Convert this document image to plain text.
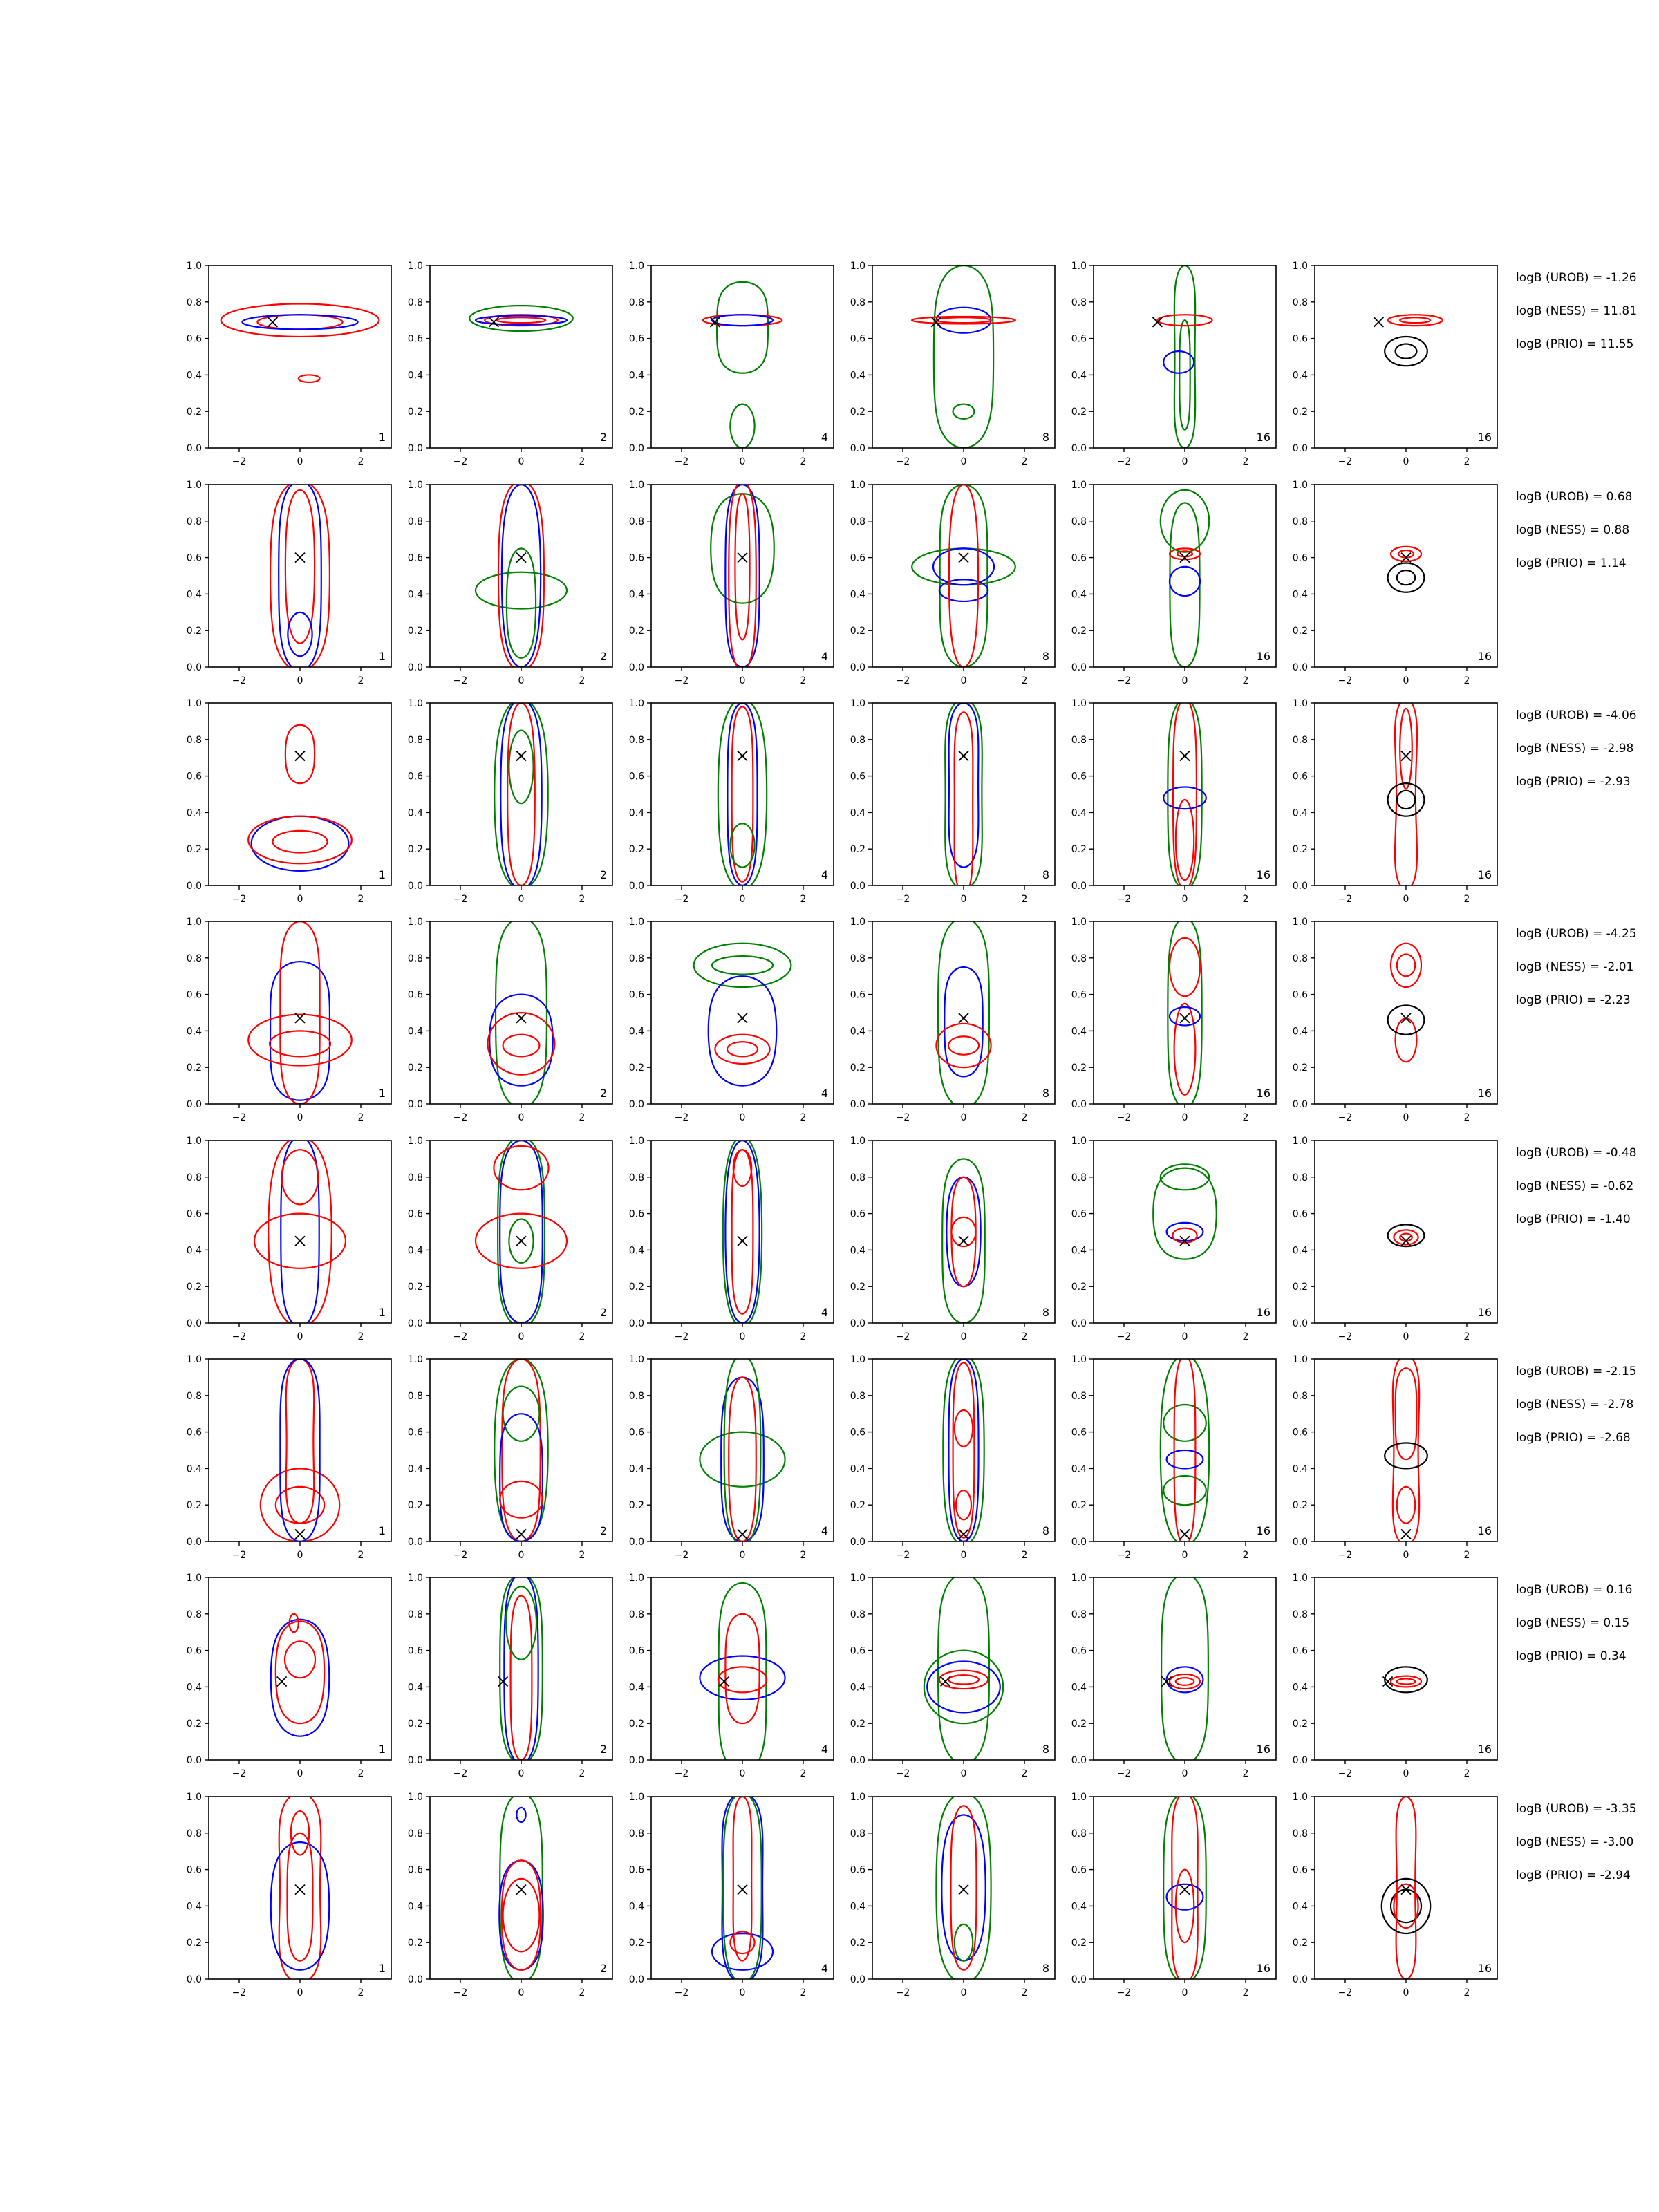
0.0
0.2
0.4
0.6
0.8
1.0
−2	0	2
1
0.0
0.2
0.4
0.6
0.8
1.0
−2	0	2
2
0.0
0.2
0.4
0.6
0.8
1.0
−2	0	2
4
0.0
0.2
0.4
0.6
0.8
1.0
−2	0	2
8
0.0
0.2
0.4
0.6
0.8
1.0
−2	0	2
16
0.0
0.2
0.4
0.6
0.8
1.0
−2	0	2
16
logB (UROB) = -1.26
logB (NESS) = 11.81
logB (PRIO) = 11.55
0.0
0.2
0.4
0.6
0.8
1.0
−2	0	2
1
0.0
0.2
0.4
0.6
0.8
1.0
−2	0	2
2
0.0
0.2
0.4
0.6
0.8
1.0
−2	0	2
4
0.0
0.2
0.4
0.6
0.8
1.0
−2	0	2
8
0.0
0.2
0.4
0.6
0.8
1.0
−2	0	2
16
0.0
0.2
0.4
0.6
0.8
1.0
−2	0	2
16
logB (UROB) = 0.68
logB (NESS) = 0.88
logB (PRIO) = 1.14
0.0
0.2
0.4
0.6
0.8
1.0
−2	0	2
1
0.0
0.2
0.4
0.6
0.8
1.0
−2	0	2
2
0.0
0.2
0.4
0.6
0.8
1.0
−2	0	2
4
0.0
0.2
0.4
0.6
0.8
1.0
−2	0	2
8
0.0
0.2
0.4
0.6
0.8
1.0
−2	0	2
16
0.0
0.2
0.4
0.6
0.8
1.0
−2	0	2
16
logB (UROB) = -4.06
logB (NESS) = -2.98
logB (PRIO) = -2.93
0.0
0.2
0.4
0.6
0.8
1.0
−2	0	2
1
0.0
0.2
0.4
0.6
0.8
1.0
−2	0	2
2
0.0
0.2
0.4
0.6
0.8
1.0
−2	0	2
4
0.0
0.2
0.4
0.6
0.8
1.0
−2	0	2
8
0.0
0.2
0.4
0.6
0.8
1.0
−2	0	2
16
0.0
0.2
0.4
0.6
0.8
1.0
−2	0	2
16
logB (UROB) = -4.25
logB (NESS) = -2.01
logB (PRIO) = -2.23
0.0
0.2
0.4
0.6
0.8
1.0
−2	0	2
1
0.0
0.2
0.4
0.6
0.8
1.0
−2	0	2
2
0.0
0.2
0.4
0.6
0.8
1.0
−2	0	2
4
0.0
0.2
0.4
0.6
0.8
1.0
−2	0	2
8
0.0
0.2
0.4
0.6
0.8
1.0
−2	0	2
16
0.0
0.2
0.4
0.6
0.8
1.0
−2	0	2
16
logB (UROB) = -0.48
logB (NESS) = -0.62
logB (PRIO) = -1.40
0.0
0.2
0.4
0.6
0.8
1.0
−2	0	2
1
0.0
0.2
0.4
0.6
0.8
1.0
−2	0	2
2
0.0
0.2
0.4
0.6
0.8
1.0
−2	0	2
4
0.0
0.2
0.4
0.6
0.8
1.0
−2	0	2
8
0.0
0.2
0.4
0.6
0.8
1.0
−2	0	2
16
0.0
0.2
0.4
0.6
0.8
1.0
−2	0	2
16
logB (UROB) = -2.15
logB (NESS) = -2.78
logB (PRIO) = -2.68
0.0
0.2
0.4
0.6
0.8
1.0
−2	0	2
1
0.0
0.2
0.4
0.6
0.8
1.0
−2	0	2
2
0.0
0.2
0.4
0.6
0.8
1.0
−2	0	2
4
0.0
0.2
0.4
0.6
0.8
1.0
−2	0	2
8
0.0
0.2
0.4
0.6
0.8
1.0
−2	0	2
16
0.0
0.2
0.4
0.6
0.8
1.0
−2	0	2
16
logB (UROB) = 0.16
logB (NESS) = 0.15
logB (PRIO) = 0.34
0.0
0.2
0.4
0.6
0.8
1.0
−2	0	2
1
0.0
0.2
0.4
0.6
0.8
1.0
−2	0	2
2
0.0
0.2
0.4
0.6
0.8
1.0
−2	0	2
4
0.0
0.2
0.4
0.6
0.8
1.0
−2	0	2
8
0.0
0.2
0.4
0.6
0.8
1.0
−2	0	2
16
0.0
0.2
0.4
0.6
0.8
1.0
−2	0	2
16
logB (UROB) = -3.35
logB (NESS) = -3.00
logB (PRIO) = -2.94
